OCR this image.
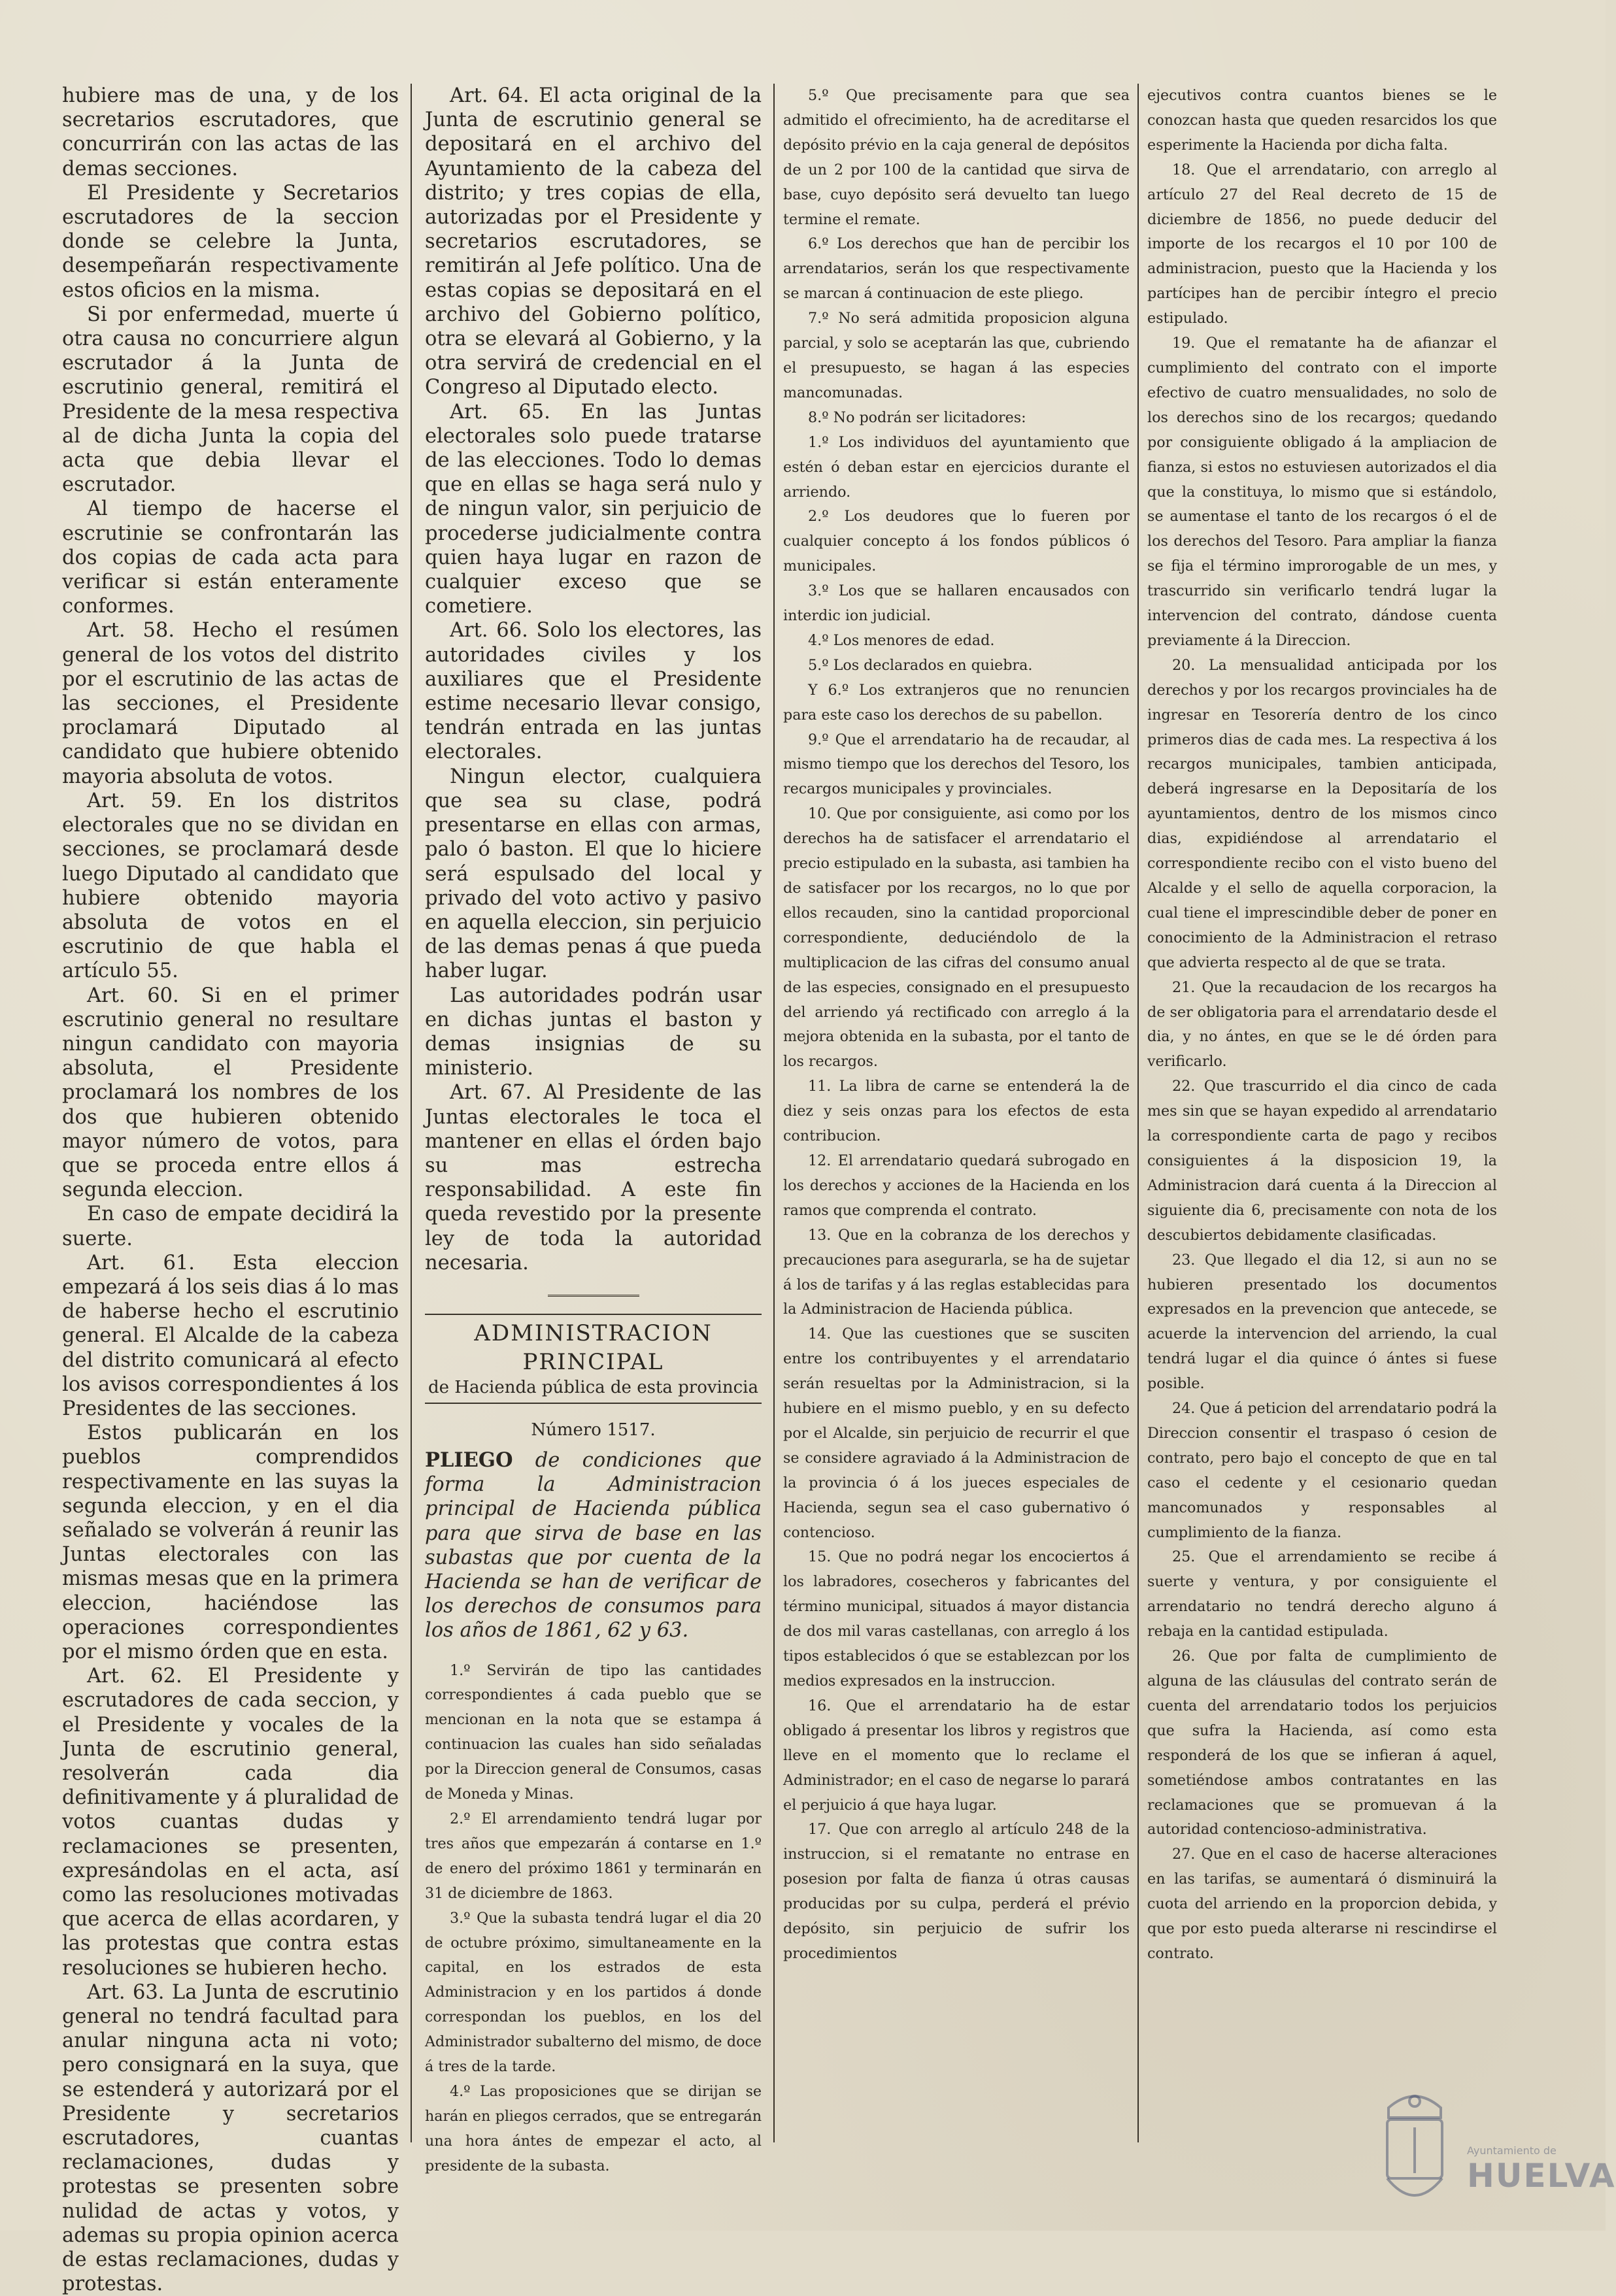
hubiere mas de una, y de los secretarios escrutadores, que concurrirán con las actas de las demas secciones.

El Presidente y Secretarios escrutadores de la seccion donde se celebre la Junta, desempeñarán respectivamente estos oficios en la misma.

Si por enfermedad, muerte ú otra causa no concurriere algun escrutador á la Junta de escrutinio general, remitirá el Presidente de la mesa respectiva al de dicha Junta la copia del acta que debia llevar el escrutador.

Al tiempo de hacerse el escrutinie se confrontarán las dos copias de cada acta para verificar si están enteramente conformes.

Art. 58. Hecho el resúmen general de los votos del distrito por el escrutinio de las actas de las secciones, el Presidente proclamará Diputado al candidato que hubiere obtenido mayoria absoluta de votos.

Art. 59. En los distritos electorales que no se dividan en secciones, se proclamará desde luego Diputado al candidato que hubiere obtenido mayoria absoluta de votos en el escrutinio de que habla el artículo 55.

Art. 60. Si en el primer escrutinio general no resultare ningun candidato con mayoria absoluta, el Presidente proclamará los nombres de los dos que hubieren obtenido mayor número de votos, para que se proceda entre ellos á segunda eleccion.

En caso de empate decidirá la suerte.

Art. 61. Esta eleccion empezará á los seis dias á lo mas de haberse hecho el escrutinio general. El Alcalde de la cabeza del distrito comunicará al efecto los avisos correspondientes á los Presidentes de las secciones.

Estos publicarán en los pueblos comprendidos respectivamente en las suyas la segunda eleccion, y en el dia señalado se volverán á reunir las Juntas electorales con las mismas mesas que en la primera eleccion, haciéndose las operaciones correspondientes por el mismo órden que en esta.

Art. 62. El Presidente y escrutadores de cada seccion, y el Presidente y vocales de la Junta de escrutinio general, resolverán cada dia definitivamente y á pluralidad de votos cuantas dudas y reclamaciones se presenten, expresándolas en el acta, así como las resoluciones motivadas que acerca de ellas acordaren, y las protestas que contra estas resoluciones se hubieren hecho.

Art. 63. La Junta de escrutinio general no tendrá facultad para anular ninguna acta ni voto; pero consignará en la suya, que se estenderá y autorizará por el Presidente y secretarios escrutadores, cuantas reclamaciones, dudas y protestas se presenten sobre nulidad de actas y votos, y ademas su propia opinion acerca de estas reclamaciones, dudas y protestas.

Art. 64. El acta original de la Junta de escrutinio general se depositará en el archivo del Ayuntamiento de la cabeza del distrito; y tres copias de ella, autorizadas por el Presidente y secretarios escrutadores, se remitirán al Jefe político. Una de estas copias se depositará en el archivo del Gobierno político, otra se elevará al Gobierno, y la otra servirá de credencial en el Congreso al Diputado electo.

Art. 65. En las Juntas electorales solo puede tratarse de las elecciones. Todo lo demas que en ellas se haga será nulo y de ningun valor, sin perjuicio de procederse judicialmente contra quien haya lugar en razon de cualquier exceso que se cometiere.

Art. 66. Solo los electores, las autoridades civiles y los auxiliares que el Presidente estime necesario llevar consigo, tendrán entrada en las juntas electorales.

Ningun elector, cualquiera que sea su clase, podrá presentarse en ellas con armas, palo ó baston. El que lo hiciere será espulsado del local y privado del voto activo y pasivo en aquella eleccion, sin perjuicio de las demas penas á que pueda haber lugar.

Las autoridades podrán usar en dichas juntas el baston y demas insignias de su ministerio.

Art. 67. Al Presidente de las Juntas electorales le toca el mantener en ellas el órden bajo su mas estrecha responsabilidad. A este fin queda revestido por la presente ley de toda la autoridad necesaria.

ADMINISTRACION PRINCIPAL
de Hacienda pública de esta provincia
Número 1517.

PLIEGO de condiciones que forma la Administracion principal de Hacienda pública para que sirva de base en las subastas que por cuenta de la Hacienda se han de verificar de los derechos de consumos para los años de 1861, 62 y 63.

1.º Servirán de tipo las cantidades correspondientes á cada pueblo que se mencionan en la nota que se estampa á continuacion las cuales han sido señaladas por la Direccion general de Consumos, casas de Moneda y Minas.

2.º El arrendamiento tendrá lugar por tres años que empezarán á contarse en 1.º de enero del próximo 1861 y terminarán en 31 de diciembre de 1863.

3.º Que la subasta tendrá lugar el dia 20 de octubre próximo, simultaneamente en la capital, en los estrados de esta Administracion y en los partidos á donde correspondan los pueblos, en los del Administrador subalterno del mismo, de doce á tres de la tarde.

4.º Las proposiciones que se dirijan se harán en pliegos cerrados, que se entregarán una hora ántes de empezar el acto, al presidente de la subasta.

5.º Que precisamente para que sea admitido el ofrecimiento, ha de acreditarse el depósito prévio en la caja general de depósitos de un 2 por 100 de la cantidad que sirva de base, cuyo depósito será devuelto tan luego termine el remate.

6.º Los derechos que han de percibir los arrendatarios, serán los que respectivamente se marcan á continuacion de este pliego.

7.º No será admitida proposicion alguna parcial, y solo se aceptarán las que, cubriendo el presupuesto, se hagan á las especies mancomunadas.

8.º No podrán ser licitadores:

1.º Los individuos del ayuntamiento que estén ó deban estar en ejercicios durante el arriendo.

2.º Los deudores que lo fueren por cualquier concepto á los fondos públicos ó municipales.

3.º Los que se hallaren encausados con interdic ion judicial.

4.º Los menores de edad.

5.º Los declarados en quiebra.

Y 6.º Los extranjeros que no renuncien para este caso los derechos de su pabellon.

9.º Que el arrendatario ha de recaudar, al mismo tiempo que los derechos del Tesoro, los recargos municipales y provinciales.

10. Que por consiguiente, asi como por los derechos ha de satisfacer el arrendatario el precio estipulado en la subasta, asi tambien ha de satisfacer por los recargos, no lo que por ellos recauden, sino la cantidad proporcional correspondiente, deduciéndolo de la multiplicacion de las cifras del consumo anual de las especies, consignado en el presupuesto del arriendo yá rectificado con arreglo á la mejora obtenida en la subasta, por el tanto de los recargos.

11. La libra de carne se entenderá la de diez y seis onzas para los efectos de esta contribucion.

12. El arrendatario quedará subrogado en los derechos y acciones de la Hacienda en los ramos que comprenda el contrato.

13. Que en la cobranza de los derechos y precauciones para asegurarla, se ha de sujetar á los de tarifas y á las reglas establecidas para la Administracion de Hacienda pública.

14. Que las cuestiones que se susciten entre los contribuyentes y el arrendatario serán resueltas por la Administracion, si la hubiere en el mismo pueblo, y en su defecto por el Alcalde, sin perjuicio de recurrir el que se considere agraviado á la Administracion de la provincia ó á los jueces especiales de Hacienda, segun sea el caso gubernativo ó contencioso.

15. Que no podrá negar los encociertos á los labradores, cosecheros y fabricantes del término municipal, situados á mayor distancia de dos mil varas castellanas, con arreglo á los tipos establecidos ó que se establezcan por los medios expresados en la instruccion.

16. Que el arrendatario ha de estar obligado á presentar los libros y registros que lleve en el momento que lo reclame el Administrador; en el caso de negarse lo parará el perjuicio á que haya lugar.

17. Que con arreglo al artículo 248 de la instruccion, si el rematante no entrase en posesion por falta de fianza ú otras causas producidas por su culpa, perderá el prévio depósito, sin perjuicio de sufrir los procedimientos

ejecutivos contra cuantos bienes se le conozcan hasta que queden resarcidos los que esperimente la Hacienda por dicha falta.

18. Que el arrendatario, con arreglo al artículo 27 del Real decreto de 15 de diciembre de 1856, no puede deducir del importe de los recargos el 10 por 100 de administracion, puesto que la Hacienda y los partícipes han de percibir íntegro el precio estipulado.

19. Que el rematante ha de afianzar el cumplimiento del contrato con el importe efectivo de cuatro mensualidades, no solo de los derechos sino de los recargos; quedando por consiguiente obligado á la ampliacion de fianza, si estos no estuviesen autorizados el dia que la constituya, lo mismo que si estándolo, se aumentase el tanto de los recargos ó el de los derechos del Tesoro. Para ampliar la fianza se fija el término improrogable de un mes, y trascurrido sin verificarlo tendrá lugar la intervencion del contrato, dándose cuenta previamente á la Direccion.

20. La mensualidad anticipada por los derechos y por los recargos provinciales ha de ingresar en Tesorería dentro de los cinco primeros dias de cada mes. La respectiva á los recargos municipales, tambien anticipada, deberá ingresarse en la Depositaría de los ayuntamientos, dentro de los mismos cinco dias, expidiéndose al arrendatario el correspondiente recibo con el visto bueno del Alcalde y el sello de aquella corporacion, la cual tiene el imprescindible deber de poner en conocimiento de la Administracion el retraso que advierta respecto al de que se trata.

21. Que la recaudacion de los recargos ha de ser obligatoria para el arrendatario desde el dia, y no ántes, en que se le dé órden para verificarlo.

22. Que trascurrido el dia cinco de cada mes sin que se hayan expedido al arrendatario la correspondiente carta de pago y recibos consiguientes á la disposicion 19, la Administracion dará cuenta á la Direccion al siguiente dia 6, precisamente con nota de los descubiertos debidamente clasificadas.

23. Que llegado el dia 12, si aun no se hubieren presentado los documentos expresados en la prevencion que antecede, se acuerde la intervencion del arriendo, la cual tendrá lugar el dia quince ó ántes si fuese posible.

24. Que á peticion del arrendatario podrá la Direccion consentir el traspaso ó cesion de contrato, pero bajo el concepto de que en tal caso el cedente y el cesionario quedan mancomunados y responsables al cumplimiento de la fianza.

25. Que el arrendamiento se recibe á suerte y ventura, y por consiguiente el arrendatario no tendrá derecho alguno á rebaja en la cantidad estipulada.

26. Que por falta de cumplimiento de alguna de las cláusulas del contrato serán de cuenta del arrendatario todos los perjuicios que sufra la Hacienda, así como esta responderá de los que se infieran á aquel, sometiéndose ambos contratantes en las reclamaciones que se promuevan á la autoridad contencioso-administrativa.

27. Que en el caso de hacerse alteraciones en las tarifas, se aumentará ó disminuirá la cuota del arriendo en la proporcion debida, y que por esto pueda alterarse ni rescindirse el contrato.

Ayuntamiento de
HUELVA
